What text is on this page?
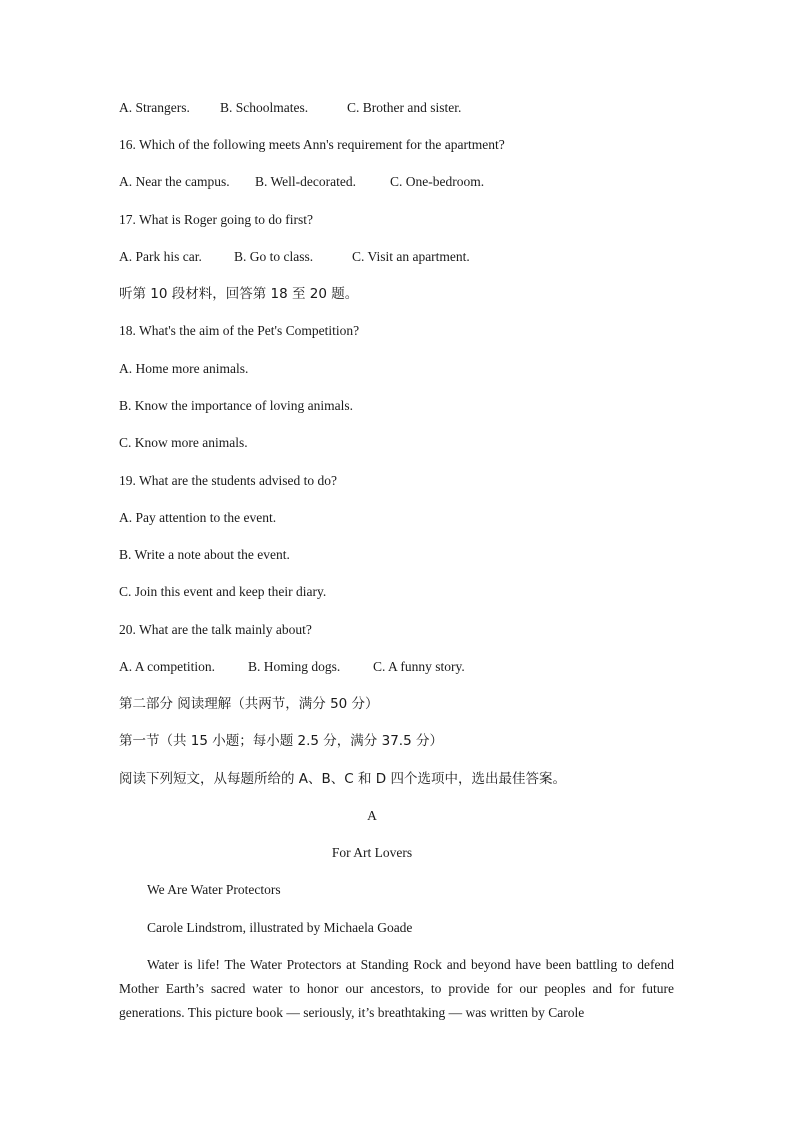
A. Strangers. B. Schoolmates.	C. Brother and sister.
16. Which of the following meets Ann's requirement for the apartment?
A. Near the campus. B. Well-decorated.	C. One-bedroom.
17. What is Roger going to do first?
A. Park his car. B. Go to class.	C. Visit an apartment.
听第 10 段材料，回答第 18 至 20 题。
18. What's the aim of the Pet's Competition?
A. Home more animals.
B. Know the importance of loving animals.
C. Know more animals.
19. What are the students advised to do?
A. Pay attention to the event.
B. Write a note about the event.
C. Join this event and keep their diary.
20. What are the talk mainly about?
A. A competition. B. Homing dogs. C. A funny story.
第二部分 阅读理解（共两节，满分 50 分）
第一节（共 15 小题；每小题 2.5 分，满分 37.5 分）
阅读下列短文，从每题所给的 A、B、C 和 D 四个选项中，选出最佳答案。
A
For Art Lovers
We Are Water Protectors
Carole Lindstrom, illustrated by Michaela Goade
Water is life! The Water Protectors at Standing Rock and beyond have been battling to defend Mother Earth’s sacred water to honor our ancestors, to provide for our peoples and for future generations. This picture book — seriously, it’s breathtaking — was written by Carole
